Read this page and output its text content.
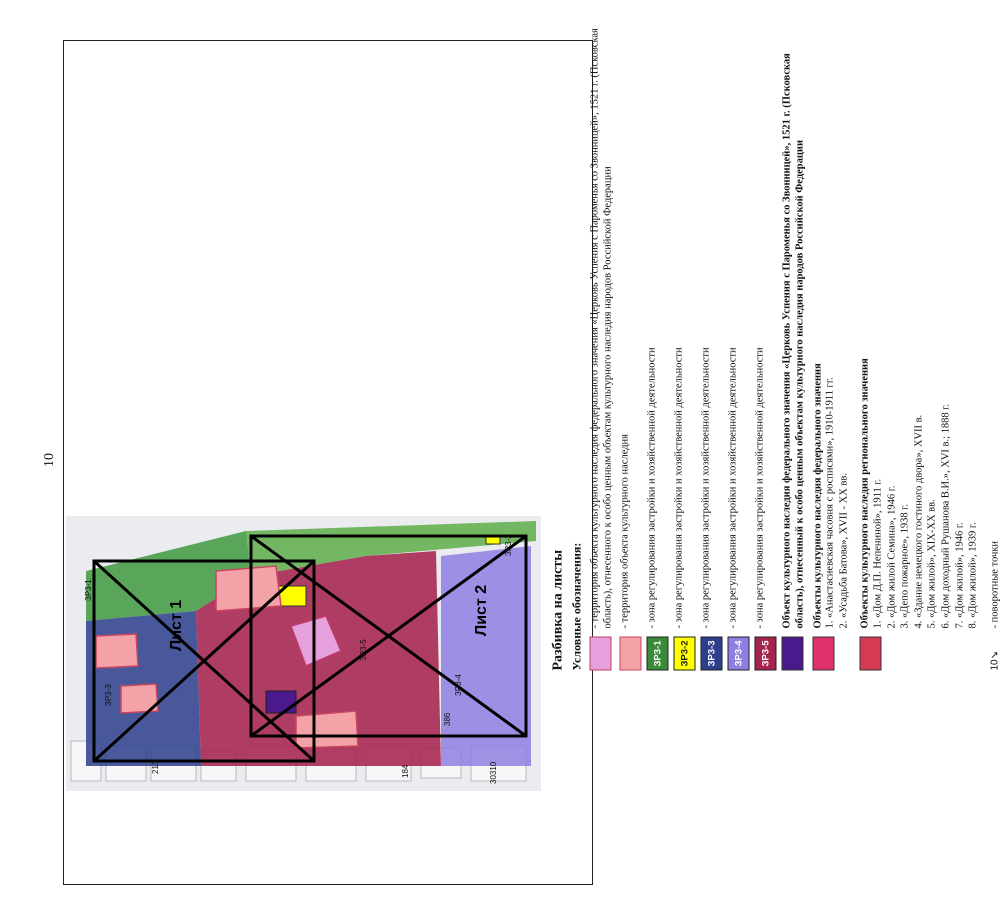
10
Лист 1	Лист 2
ЗР3-3
ЗР3-1
ЗР3-5
ЗР3-4
ЗР3-2
213	184
386
30310
Разбивка на листы Условные обозначения: - территория объекта культурного наследия федерального значения «Церковь Успения с Пароменья со Звонницей», 1521 г. (Псковская область), отнесенного к особо ценным объектам культурного наследия народов Российской Федерации - территория объекта культурного наследия
ЗР3-1
- зона регулирования застройки и хозяйственной деятельности
ЗР3-2
- зона регулирования застройки и хозяйственной деятельности
ЗР3-3
- зона регулирования застройки и хозяйственной деятельности
ЗР3-4
- зона регулирования застройки и хозяйственной деятельности
ЗР3-5
- зона регулирования застройки и хозяйственной деятельности Объект культурного наследия федерального значения «Церковь Успения с Пароменья со Звонницей», 1521 г. (Псковская область), отнесенный к особо ценным объектам культурного наследия народов Российской Федерации Объекты культурного наследия федерального значения 1. «Анастасиевская часовня с росписями», 1910-1911 гг. 2. «Усадьба Батова», XVII - XX вв. Объекты культурного наследия регионального значения 1. «Дом Д.П. Непениной», 1911 г. 2. «Дом жилой Семина», 1946 г. 3. «Депо пожарное», 1938 г. 4. «Здание немецкого гостиного двора», XVII в. 5. «Дом жилой», XIX-XX вв. 6. «Дом доходный Рушанова В.И.», XVI в.; 1888 г. 7. «Дом жилой», 1946 г. 8. «Дом жилой», 1939 г.
10↘
- поворотные точки
